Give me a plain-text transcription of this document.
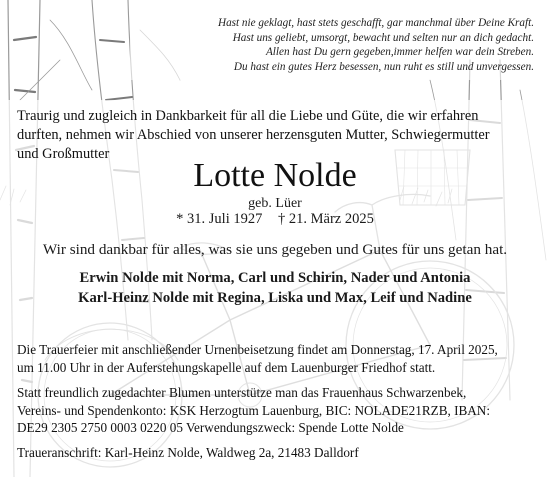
Hast nie geklagt, hast stets geschafft, gar manchmal über Deine Kraft.
Hast uns geliebt, umsorgt, bewacht und selten nur an dich gedacht.
Allen hast Du gern gegeben,immer helfen war dein Streben.
Du hast ein gutes Herz besessen, nun ruht es still und unvergessen.
Traurig und zugleich in Dankbarkeit für all die Liebe und Güte, die wir erfahren
durften, nehmen wir Abschied von unserer herzensguten Mutter, Schwiegermutter
und Großmutter
Lotte Nolde
geb. Lüer
* 31. Juli 1927 † 21. März 2025
Wir sind dankbar für alles, was sie uns gegeben und Gutes für uns getan hat.
Erwin Nolde mit Norma, Carl und Schirin, Nader und Antonia
Karl-Heinz Nolde mit Regina, Liska und Max, Leif und Nadine
Die Trauerfeier mit anschließender Urnenbeisetzung findet am Donnerstag, 17. April 2025,
um 11.00 Uhr in der Auferstehungskapelle auf dem Lauenburger Friedhof statt.
Statt freundlich zugedachter Blumen unterstütze man das Frauenhaus Schwarzenbek,
Vereins- und Spendenkonto: KSK Herzogtum Lauenburg, BIC: NOLADE21RZB, IBAN:
DE29 2305 2750 0003 0220 05 Verwendungszweck: Spende Lotte Nolde
Traueranschrift: Karl-Heinz Nolde, Waldweg 2a, 21483 Dalldorf
